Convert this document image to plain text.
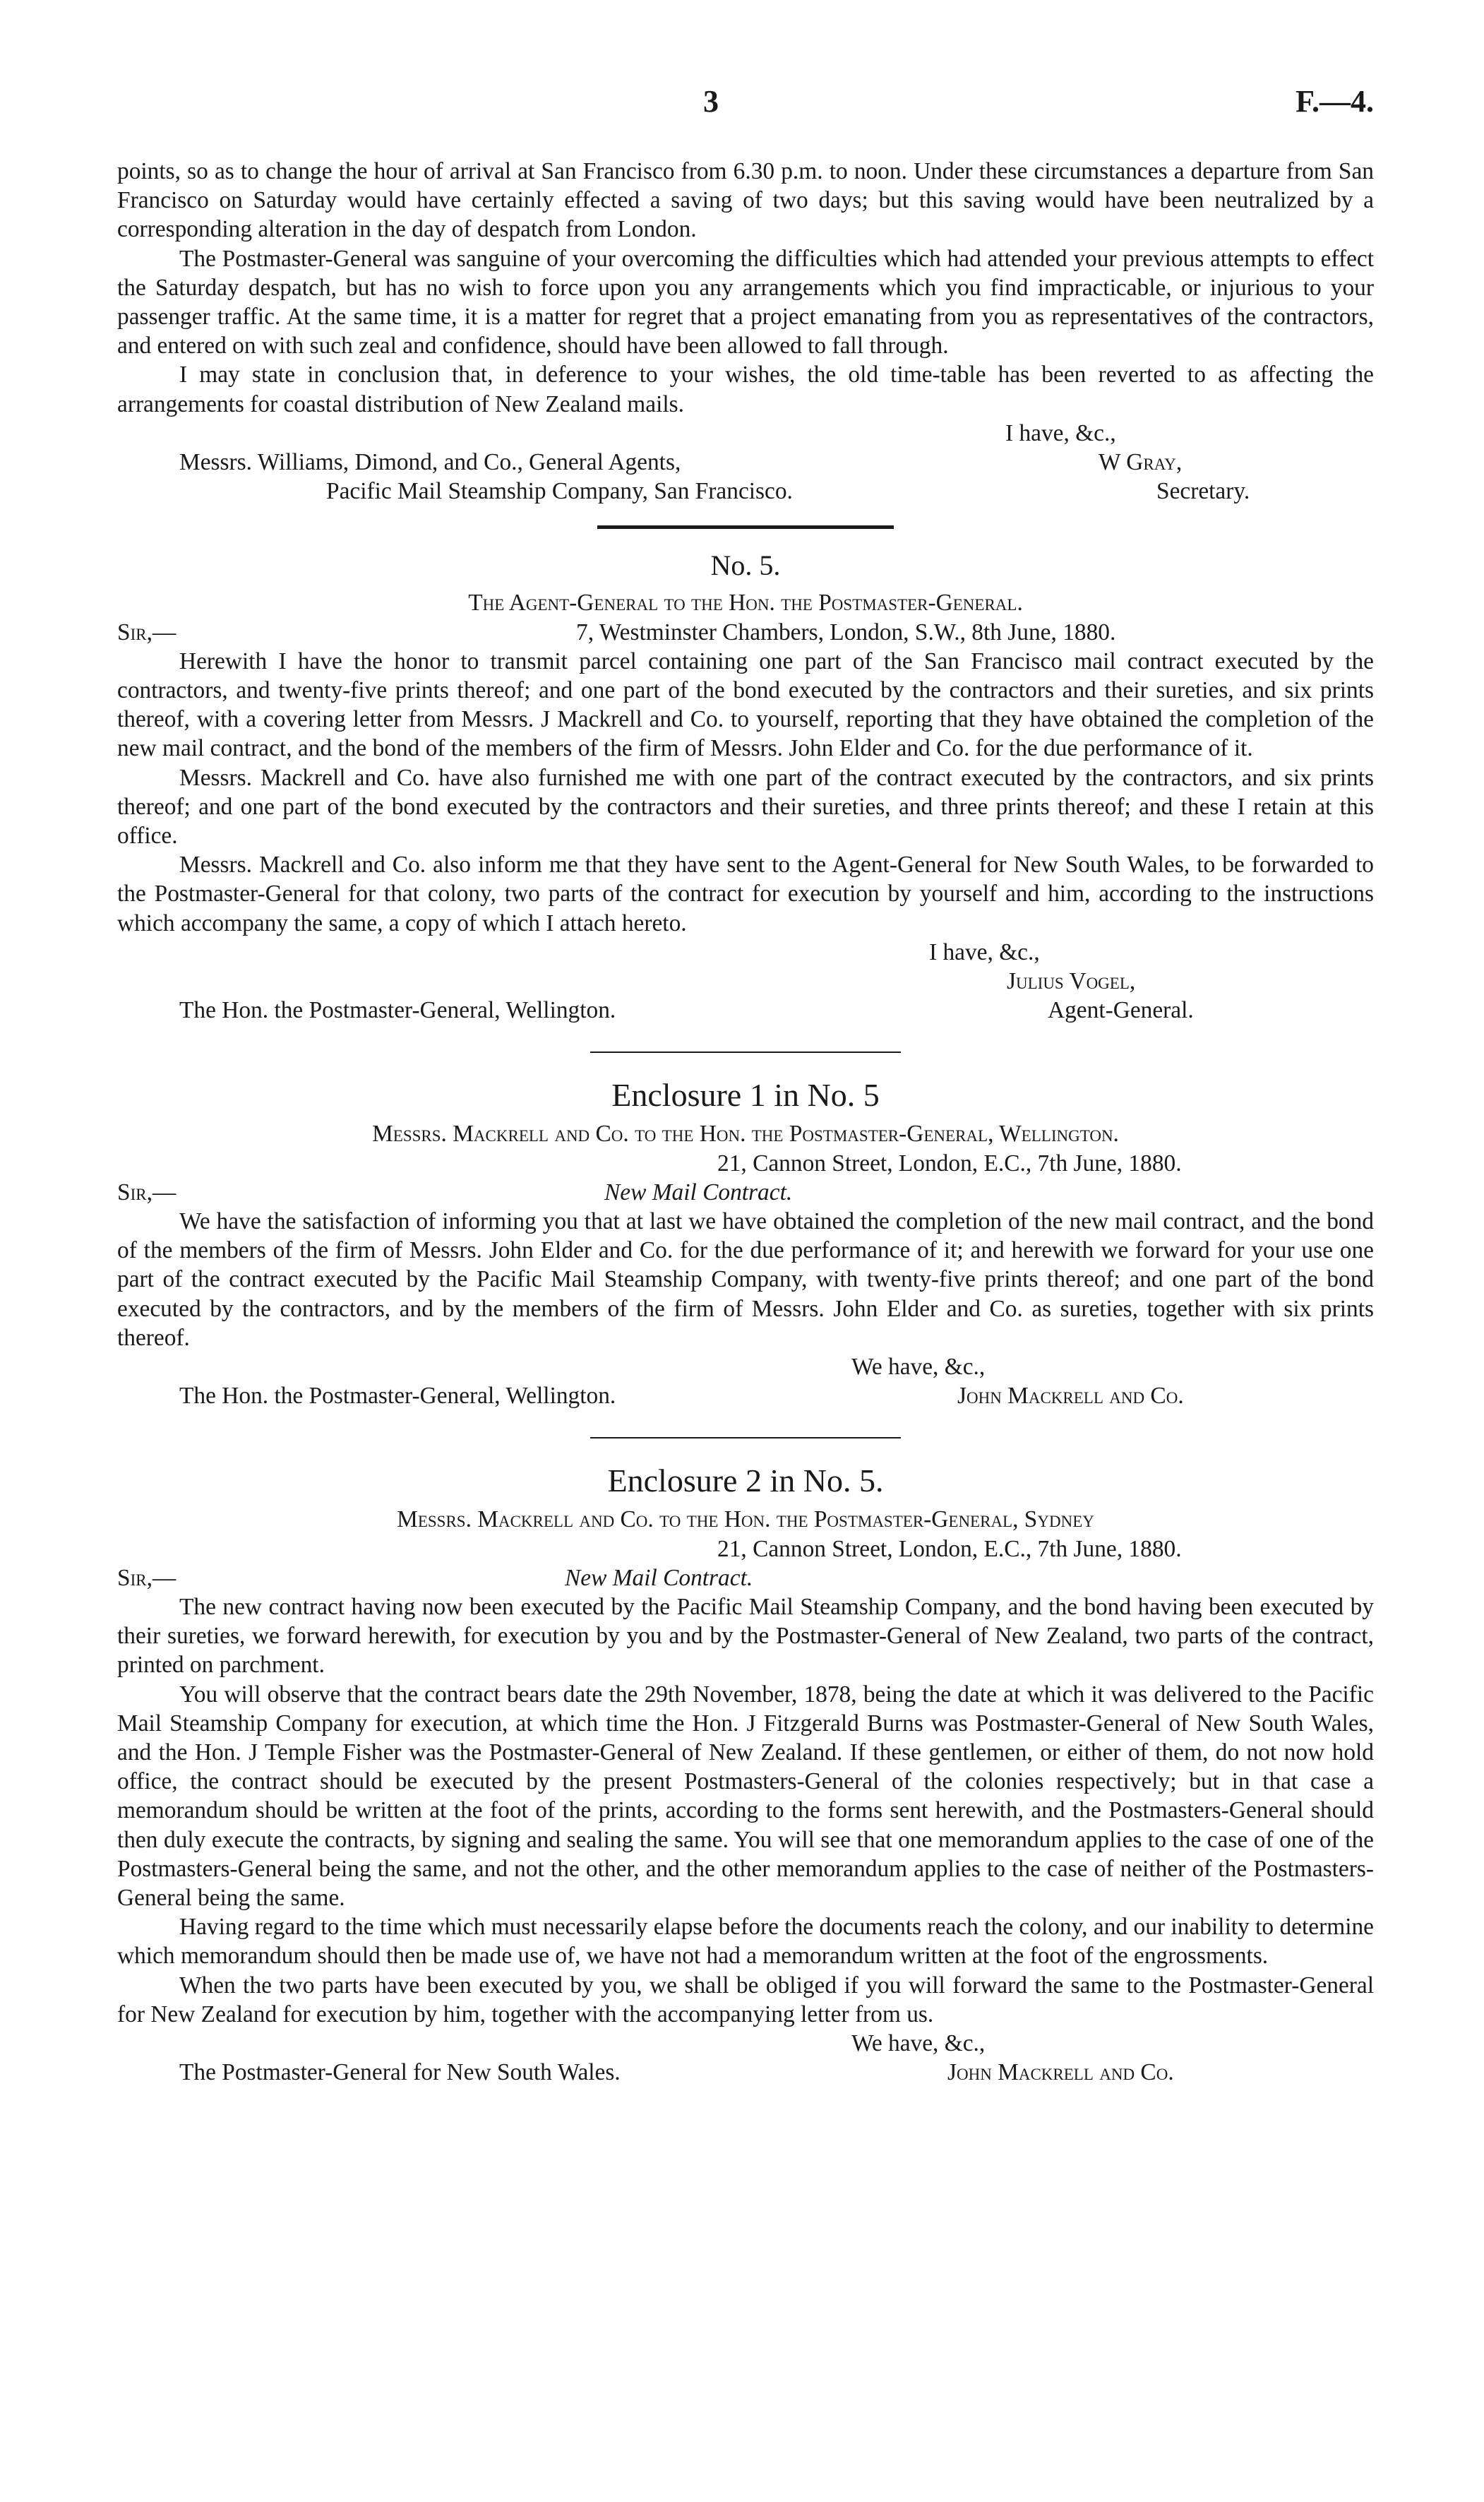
3	F.—4.

points, so as to change the hour of arrival at San Francisco from 6.30 p.m. to noon. Under these circumstances a departure from San Francisco on Saturday would have certainly effected a saving of two days; but this saving would have been neutralized by a corresponding alteration in the day of despatch from London.

The Postmaster-General was sanguine of your overcoming the difficulties which had attended your previous attempts to effect the Saturday despatch, but has no wish to force upon you any arrangements which you find impracticable, or injurious to your passenger traffic. At the same time, it is a matter for regret that a project emanating from you as representatives of the contractors, and entered on with such zeal and confidence, should have been allowed to fall through.

I may state in conclusion that, in deference to your wishes, the old time-table has been reverted to as affecting the arrangements for coastal distribution of New Zealand mails.

I have, &c.,
Messrs. Williams, Dimond, and Co., General Agents,	W Gray,
Pacific Mail Steamship Company, San Francisco.	Secretary.
No. 5.
The Agent-General to the Hon. the Postmaster-General.
Sir,—	7, Westminster Chambers, London, S.W., 8th June, 1880.

Herewith I have the honor to transmit parcel containing one part of the San Francisco mail contract executed by the contractors, and twenty-five prints thereof; and one part of the bond executed by the contractors and their sureties, and six prints thereof, with a covering letter from Messrs. J Mackrell and Co. to yourself, reporting that they have obtained the completion of the new mail contract, and the bond of the members of the firm of Messrs. John Elder and Co. for the due performance of it.

Messrs. Mackrell and Co. have also furnished me with one part of the contract executed by the contractors, and six prints thereof; and one part of the bond executed by the contractors and their sureties, and three prints thereof; and these I retain at this office.

Messrs. Mackrell and Co. also inform me that they have sent to the Agent-General for New South Wales, to be forwarded to the Postmaster-General for that colony, two parts of the contract for execution by yourself and him, according to the instructions which accompany the same, a copy of which I attach hereto.

I have, &c.,
Julius Vogel,
The Hon. the Postmaster-General, Wellington.	Agent-General.
Enclosure 1 in No. 5
Messrs. Mackrell and Co. to the Hon. the Postmaster-General, Wellington.
21, Cannon Street, London, E.C., 7th June, 1880.
Sir,—	New Mail Contract.

We have the satisfaction of informing you that at last we have obtained the completion of the new mail contract, and the bond of the members of the firm of Messrs. John Elder and Co. for the due performance of it; and herewith we forward for your use one part of the contract executed by the Pacific Mail Steamship Company, with twenty-five prints thereof; and one part of the bond executed by the contractors, and by the members of the firm of Messrs. John Elder and Co. as sureties, together with six prints thereof.

We have, &c.,
The Hon. the Postmaster-General, Wellington.	John Mackrell and Co.
Enclosure 2 in No. 5.
Messrs. Mackrell and Co. to the Hon. the Postmaster-General, Sydney
21, Cannon Street, London, E.C., 7th June, 1880.
Sir,—	New Mail Contract.

The new contract having now been executed by the Pacific Mail Steamship Company, and the bond having been executed by their sureties, we forward herewith, for execution by you and by the Postmaster-General of New Zealand, two parts of the contract, printed on parchment.

You will observe that the contract bears date the 29th November, 1878, being the date at which it was delivered to the Pacific Mail Steamship Company for execution, at which time the Hon. J Fitzgerald Burns was Postmaster-General of New South Wales, and the Hon. J Temple Fisher was the Postmaster-General of New Zealand. If these gentlemen, or either of them, do not now hold office, the contract should be executed by the present Postmasters-General of the colonies respectively; but in that case a memorandum should be written at the foot of the prints, according to the forms sent herewith, and the Postmasters-General should then duly execute the contracts, by signing and sealing the same. You will see that one memorandum applies to the case of one of the Postmasters-General being the same, and not the other, and the other memorandum applies to the case of neither of the Postmasters-General being the same.

Having regard to the time which must necessarily elapse before the documents reach the colony, and our inability to determine which memorandum should then be made use of, we have not had a memorandum written at the foot of the engrossments.

When the two parts have been executed by you, we shall be obliged if you will forward the same to the Postmaster-General for New Zealand for execution by him, together with the accompanying letter from us.

We have, &c.,
The Postmaster-General for New South Wales.	John Mackrell and Co.
